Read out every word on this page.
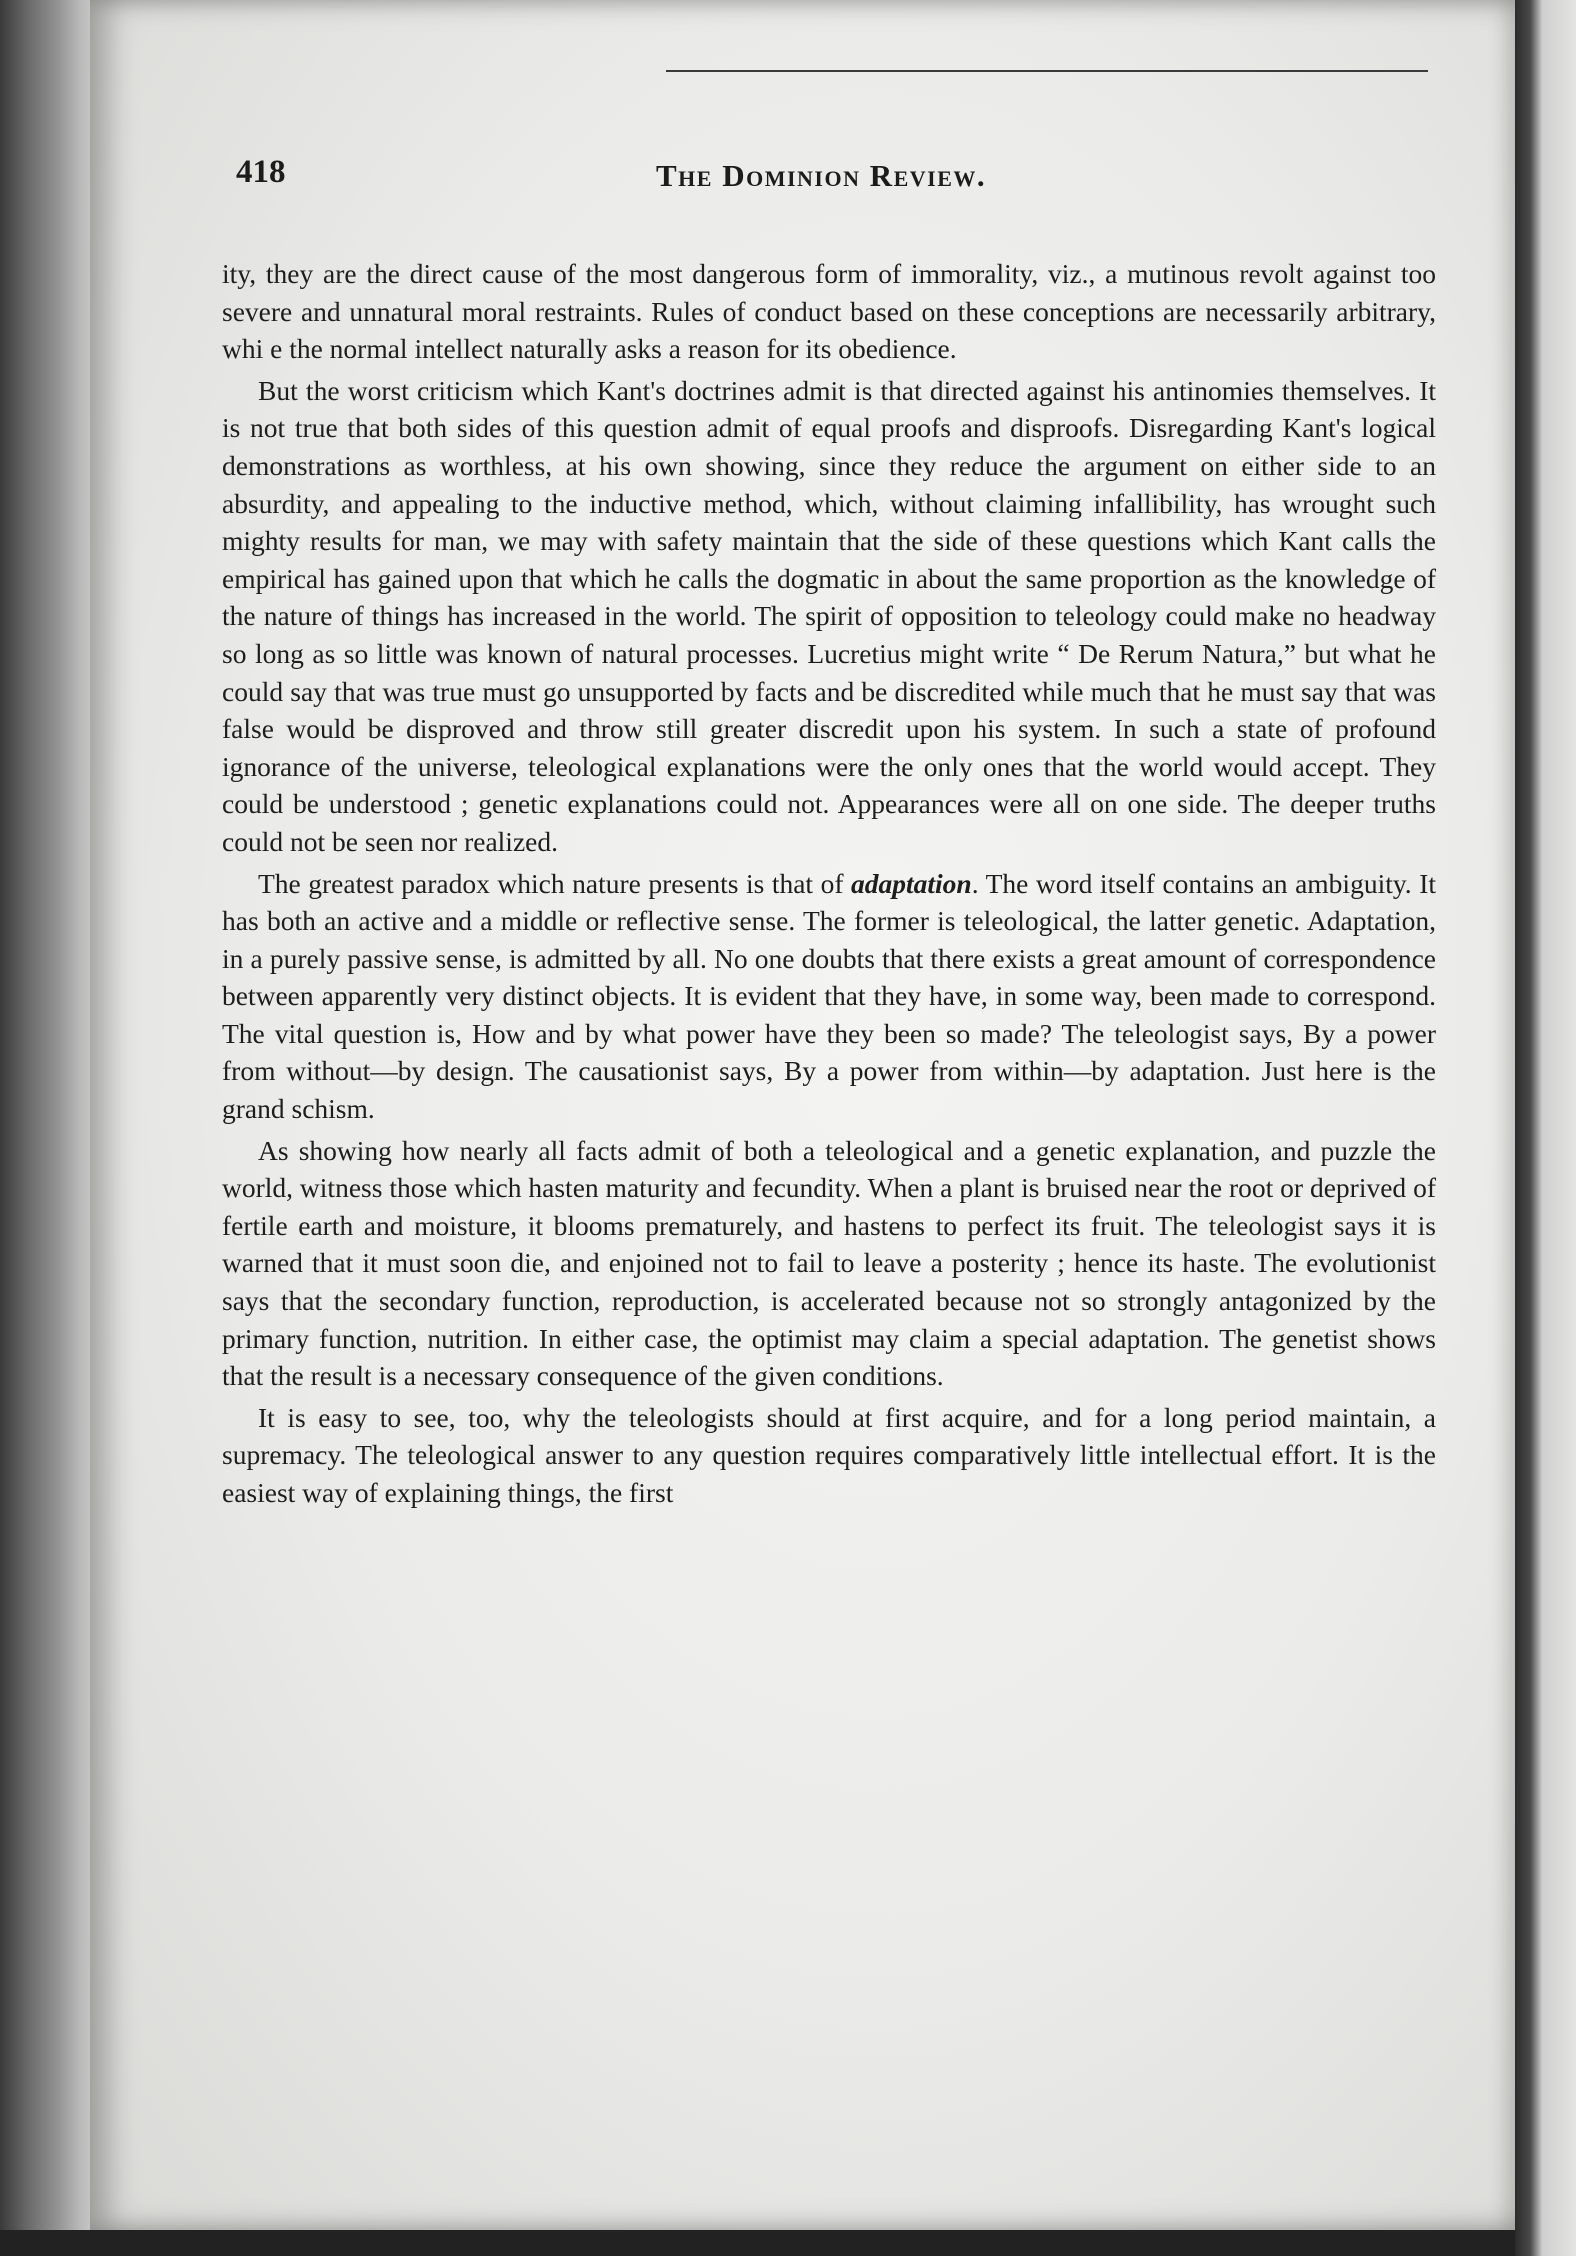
418	The Dominion Review.

ity, they are the direct cause of the most dangerous form of immorality, viz., a mutinous revolt against too severe and unnatural moral restraints. Rules of conduct based on these conceptions are necessarily arbitrary, whi e the normal intellect naturally asks a reason for its obedience.

But the worst criticism which Kant's doctrines admit is that directed against his antinomies themselves. It is not true that both sides of this question admit of equal proofs and disproofs. Disregarding Kant's logical demonstrations as worthless, at his own showing, since they reduce the argument on either side to an absurdity, and appealing to the inductive method, which, without claiming infallibility, has wrought such mighty results for man, we may with safety maintain that the side of these questions which Kant calls the empirical has gained upon that which he calls the dogmatic in about the same proportion as the knowledge of the nature of things has increased in the world. The spirit of opposition to teleology could make no headway so long as so little was known of natural processes. Lucretius might write “ De Rerum Natura,” but what he could say that was true must go unsupported by facts and be discredited while much that he must say that was false would be disproved and throw still greater discredit upon his system. In such a state of profound ignorance of the universe, teleological explanations were the only ones that the world would accept. They could be understood ; genetic explanations could not. Appearances were all on one side. The deeper truths could not be seen nor realized.

The greatest paradox which nature presents is that of adaptation. The word itself contains an ambiguity. It has both an active and a middle or reflective sense. The former is teleological, the latter genetic. Adaptation, in a purely passive sense, is admitted by all. No one doubts that there exists a great amount of correspondence between apparently very distinct objects. It is evident that they have, in some way, been made to correspond. The vital question is, How and by what power have they been so made? The teleologist says, By a power from without—by design. The causationist says, By a power from within—by adaptation. Just here is the grand schism.

As showing how nearly all facts admit of both a teleological and a genetic explanation, and puzzle the world, witness those which hasten maturity and fecundity. When a plant is bruised near the root or deprived of fertile earth and moisture, it blooms prematurely, and hastens to perfect its fruit. The teleologist says it is warned that it must soon die, and enjoined not to fail to leave a posterity ; hence its haste. The evolutionist says that the secondary function, reproduction, is accelerated because not so strongly antagonized by the primary function, nutrition. In either case, the optimist may claim a special adaptation. The genetist shows that the result is a necessary consequence of the given conditions.

It is easy to see, too, why the teleologists should at first acquire, and for a long period maintain, a supremacy. The teleological answer to any question requires comparatively little intellectual effort. It is the easiest way of explaining things, the first
